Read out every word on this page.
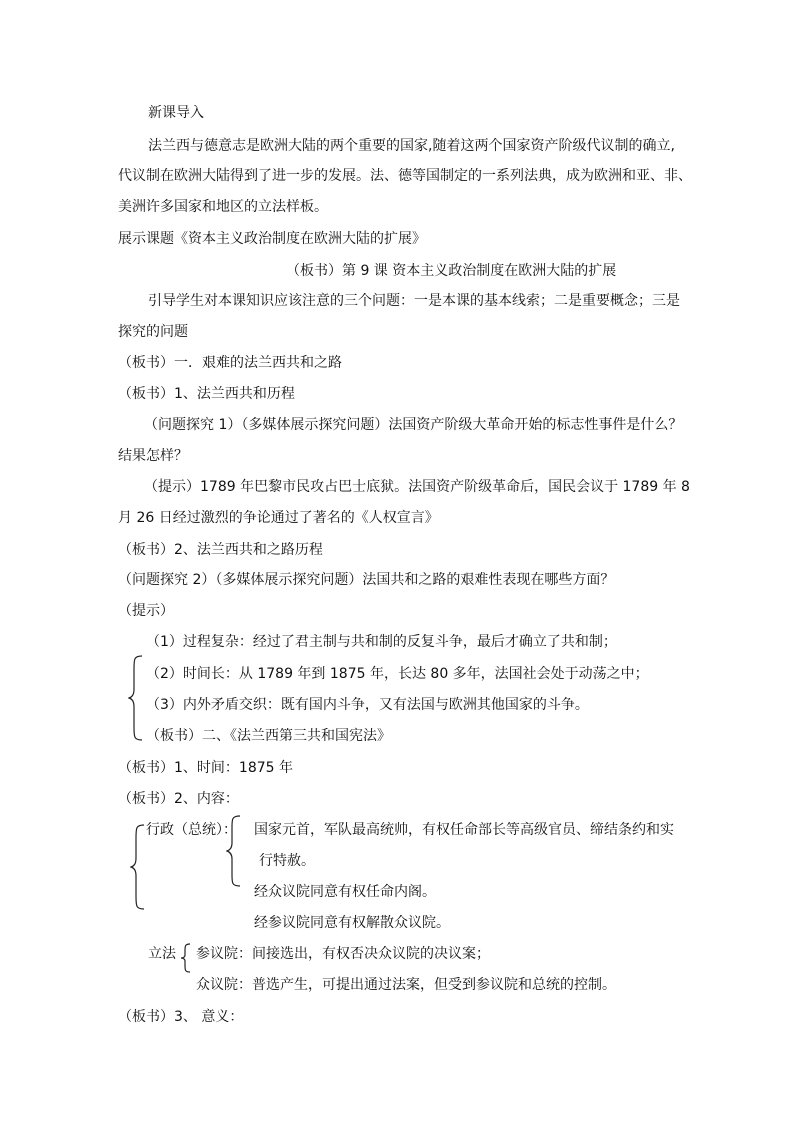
新课导入
法兰西与德意志是欧洲大陆的两个重要的国家,随着这两个国家资产阶级代议制的确立,
代议制在欧洲大陆得到了进一步的发展。法、德等国制定的一系列法典，成为欧洲和亚、非、
美洲许多国家和地区的立法样板。
展示课题《资本主义政治制度在欧洲大陆的扩展》
（板书）第 9 课 资本主义政治制度在欧洲大陆的扩展
引导学生对本课知识应该注意的三个问题：一是本课的基本线索；二是重要概念；三是
探究的问题
（板书）一．艰难的法兰西共和之路
（板书）1、法兰西共和历程
（问题探究 1）（多媒体展示探究问题）法国资产阶级大革命开始的标志性事件是什么？
结果怎样？
（提示）1789 年巴黎市民攻占巴士底狱。法国资产阶级革命后，国民会议于 1789 年 8
月 26 日经过激烈的争论通过了著名的《人权宣言》
（板书）2、法兰西共和之路历程
（问题探究 2）（多媒体展示探究问题）法国共和之路的艰难性表现在哪些方面？
（提示）
（1）过程复杂：经过了君主制与共和制的反复斗争，最后才确立了共和制；
（2）时间长：从 1789 年到 1875 年，长达 80 多年，法国社会处于动荡之中；
（3）内外矛盾交织：既有国内斗争，又有法国与欧洲其他国家的斗争。
（板书）二、《法兰西第三共和国宪法》
（板书）1、时间：1875 年
（板书）2、内容：
行政（总统）： 国家元首，军队最高统帅，有权任命部长等高级官员、缔结条约和实
行特赦。
经众议院同意有权任命内阁。
经参议院同意有权解散众议院。
立法 参议院：间接选出，有权否决众议院的决议案；
众议院：普选产生，可提出通过法案，但受到参议院和总统的控制。
（板书）3、 意义：
